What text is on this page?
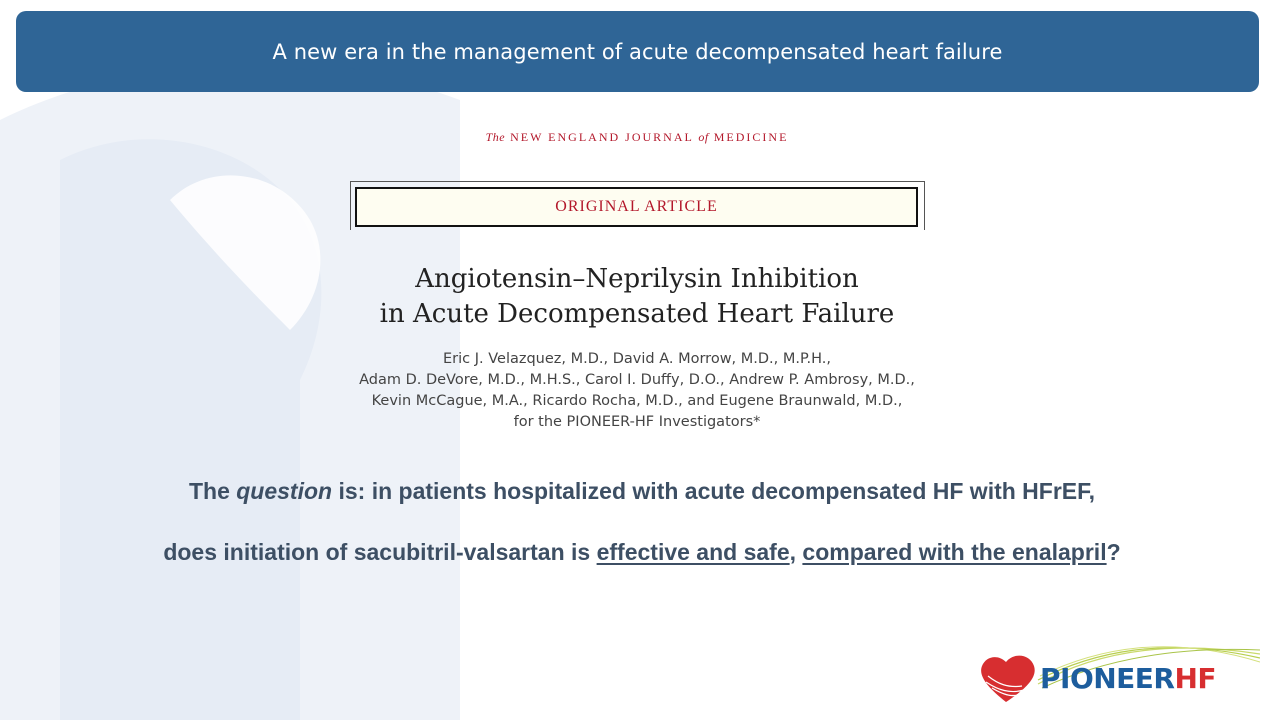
A new era in the management of acute decompensated heart failure
The NEW ENGLAND JOURNAL of MEDICINE
ORIGINAL ARTICLE
Angiotensin–Neprilysin Inhibition
in Acute Decompensated Heart Failure
Eric J. Velazquez, M.D., David A. Morrow, M.D., M.P.H.,
Adam D. DeVore, M.D., M.H.S., Carol I. Duffy, D.O., Andrew P. Ambrosy, M.D.,
Kevin McCague, M.A., Ricardo Rocha, M.D., and Eugene Braunwald, M.D.,
for the PIONEER-HF Investigators*
The question is: in patients hospitalized with acute decompensated HF with HFrEF,
does initiation of sacubitril-valsartan is effective and safe, compared with the enalapril?
PIONEERHF
